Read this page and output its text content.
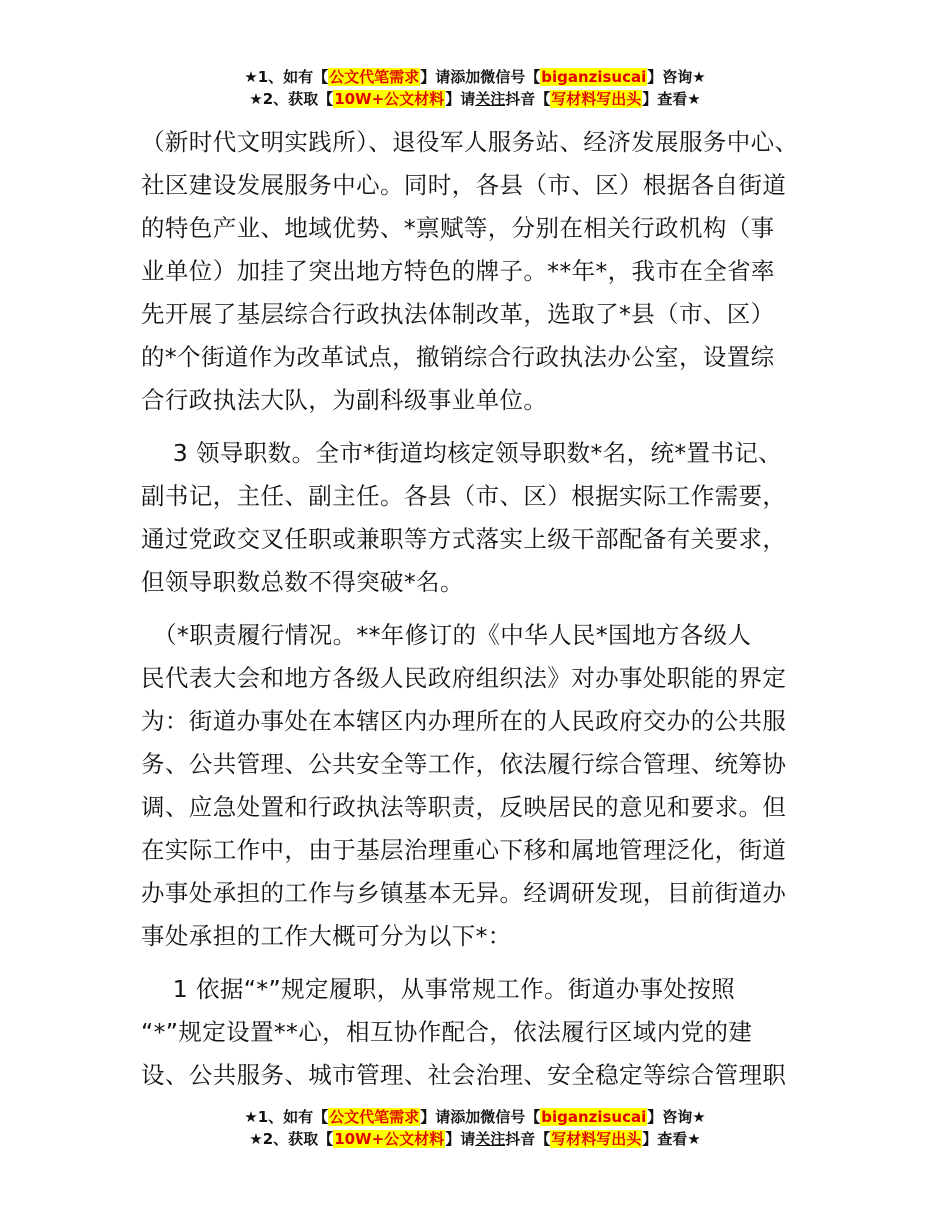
★1、如有【公文代笔需求】请添加微信号【biganzisucai】咨询★
★2、获取【10W+公文材料】请关注抖音【写材料写出头】查看★
（新时代文明实践所）、退役军人服务站、经济发展服务中心、
社区建设发展服务中心。同时，各县（市、区）根据各自街道
的特色产业、地域优势、*禀赋等，分别在相关行政机构（事
业单位）加挂了突出地方特色的牌子。**年*，我市在全省率
先开展了基层综合行政执法体制改革，选取了*县（市、区）
的*个街道作为改革试点，撤销综合行政执法办公室，设置综
合行政执法大队，为副科级事业单位。
　 3 领导职数。全市*街道均核定领导职数*名，统*置书记、
副书记，主任、副主任。各县（市、区）根据实际工作需要，
通过党政交叉任职或兼职等方式落实上级干部配备有关要求，
但领导职数总数不得突破*名。
　（*职责履行情况。**年修订的《中华人民*国地方各级人
民代表大会和地方各级人民政府组织法》对办事处职能的界定
为：街道办事处在本辖区内办理所在的人民政府交办的公共服
务、公共管理、公共安全等工作，依法履行综合管理、统筹协
调、应急处置和行政执法等职责，反映居民的意见和要求。但
在实际工作中，由于基层治理重心下移和属地管理泛化，街道
办事处承担的工作与乡镇基本无异。经调研发现，目前街道办
事处承担的工作大概可分为以下*：
　 1 依据“*”规定履职，从事常规工作。街道办事处按照
“*”规定设置**心，相互协作配合，依法履行区域内党的建
设、公共服务、城市管理、社会治理、安全稳定等综合管理职
★1、如有【公文代笔需求】请添加微信号【biganzisucai】咨询★
★2、获取【10W+公文材料】请关注抖音【写材料写出头】查看★
